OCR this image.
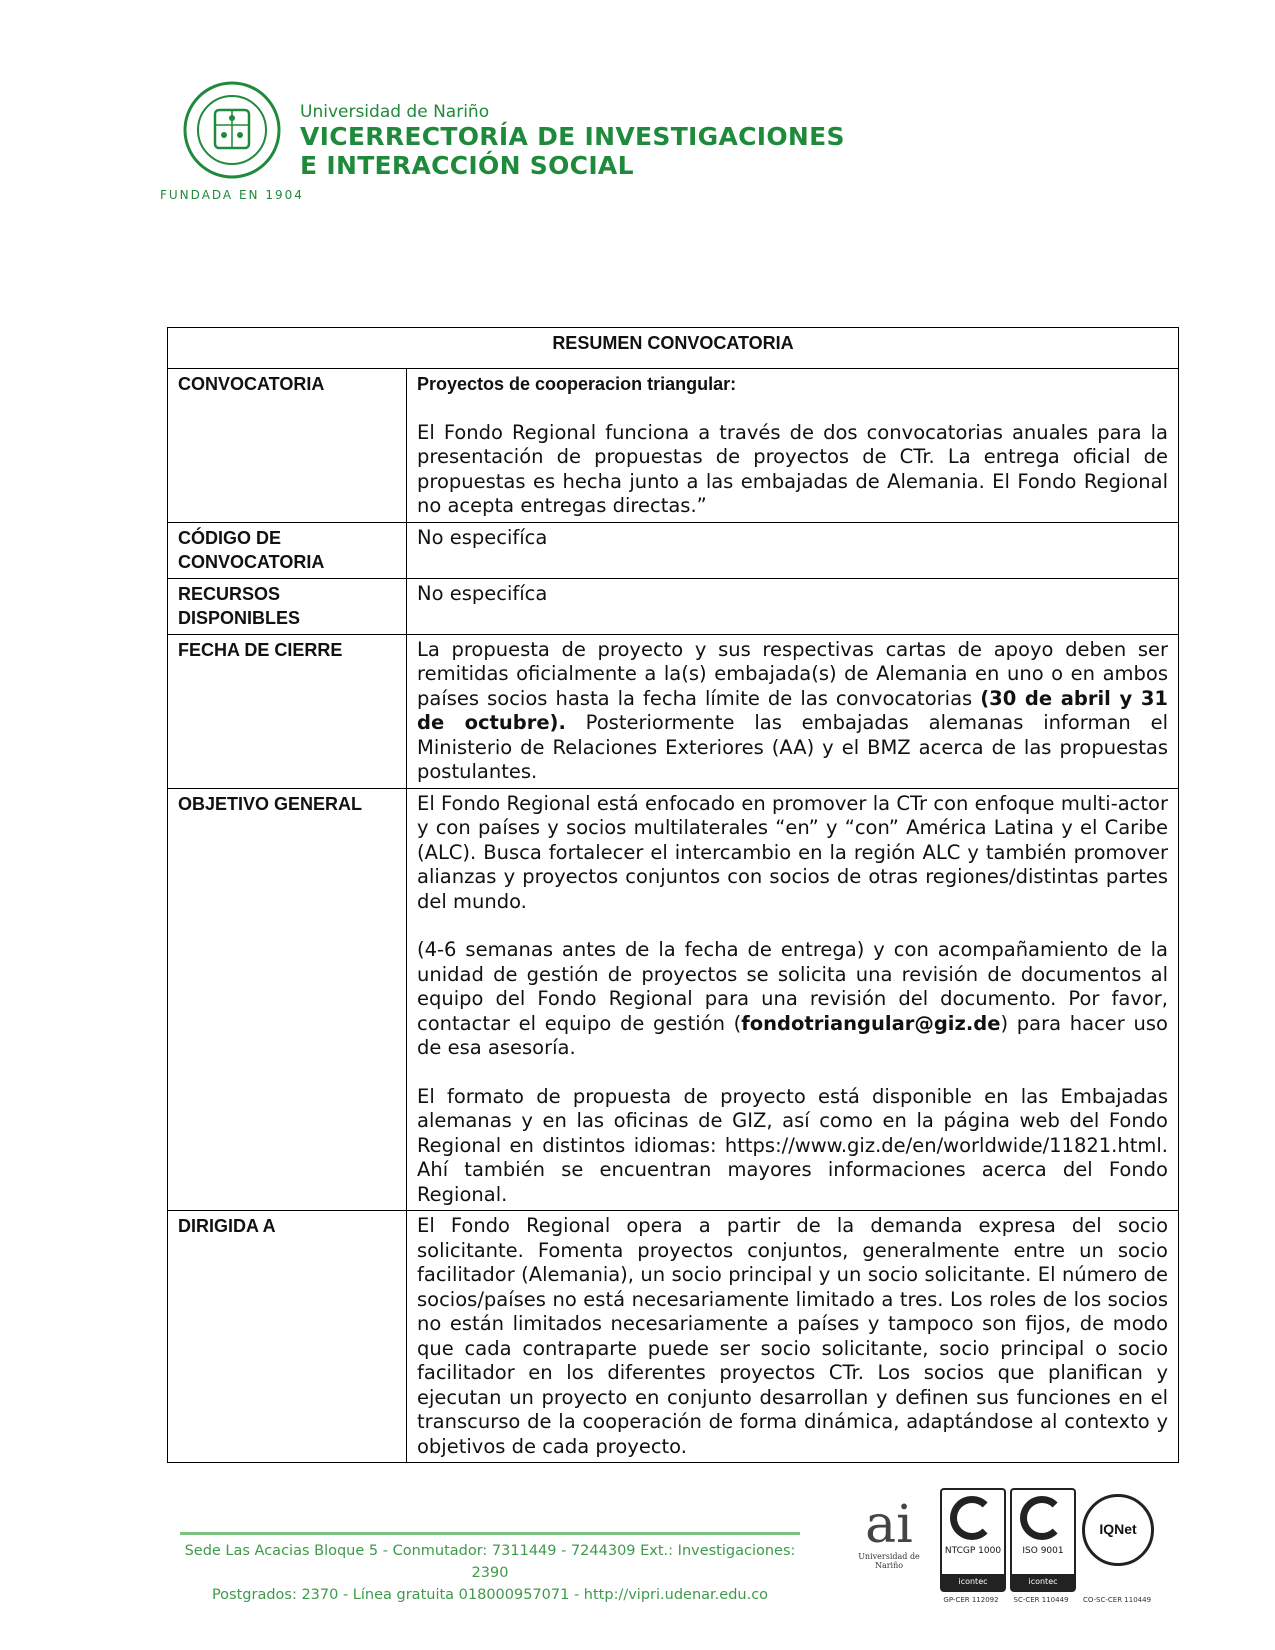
FUNDADA EN 1904
Universidad de Nariño
VICERRECTORÍA DE INVESTIGACIONES
E INTERACCIÓN SOCIAL
RESUMEN CONVOCATORIA	
CONVOCATORIA	Proyectos de cooperacion triangular:
El Fondo Regional funciona a través de dos convocatorias anuales para la presentación de propuestas de proyectos de CTr. La entrega oficial de propuestas es hecha junto a las embajadas de Alemania. El Fondo Regional no acepta entregas directas.”

CÓDIGO DE CONVOCATORIA	No especifíca
RECURSOS DISPONIBLES	No especifíca
FECHA DE CIERRE	La propuesta de proyecto y sus respectivas cartas de apoyo deben ser remitidas oficialmente a la(s) embajada(s) de Alemania en uno o en ambos países socios hasta la fecha límite de las convocatorias (30 de abril y 31 de octubre). Posteriormente las embajadas alemanas informan el Ministerio de Relaciones Exteriores (AA) y el BMZ acerca de las propuestas postulantes.
OBJETIVO GENERAL	El Fondo Regional está enfocado en promover la CTr con enfoque multi-actor y con países y socios multilaterales “en” y “con” América Latina y el Caribe (ALC). Busca fortalecer el intercambio en la región ALC y también promover alianzas y proyectos conjuntos con socios de otras regiones/distintas partes del mundo.
(4-6 semanas antes de la fecha de entrega) y con acompañamiento de la unidad de gestión de proyectos se solicita una revisión de documentos al equipo del Fondo Regional para una revisión del documento. Por favor, contactar el equipo de gestión (fondotriangular@giz.de) para hacer uso de esa asesoría.
El formato de propuesta de proyecto está disponible en las Embajadas alemanas y en las oficinas de GIZ, así como en la página web del Fondo Regional en distintos idiomas: https://www.giz.de/en/worldwide/11821.html. Ahí también se encuentran mayores informaciones acerca del Fondo Regional.

DIRIGIDA A	El Fondo Regional opera a partir de la demanda expresa del socio solicitante. Fomenta proyectos conjuntos, generalmente entre un socio facilitador (Alemania), un socio principal y un socio solicitante. El número de socios/países no está necesariamente limitado a tres. Los roles de los socios no están limitados necesariamente a países y tampoco son fijos, de modo que cada contraparte puede ser socio solicitante, socio principal o socio facilitador en los diferentes proyectos CTr. Los socios que planifican y ejecutan un proyecto en conjunto desarrollan y definen sus funciones en el transcurso de la cooperación de forma dinámica, adaptándose al contexto y objetivos de cada proyecto.
ai
Universidad de Nariño
NTCGP 1000
icontec
GP-CER 112092
ISO 9001
icontec
SC-CER 110449
IQNet
CO-SC-CER 110449
Sede Las Acacias Bloque 5 - Conmutador: 7311449 - 7244309 Ext.: Investigaciones: 2390
Postgrados: 2370 - Línea gratuita 018000957071 - http://vipri.udenar.edu.co
